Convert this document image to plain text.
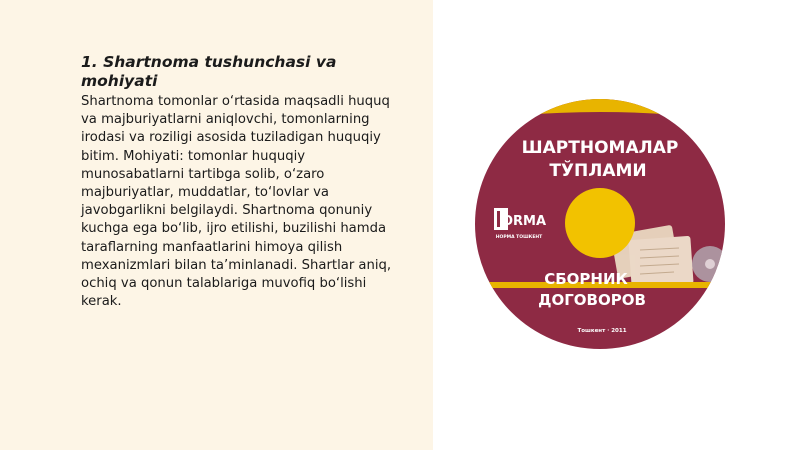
1. Shartnoma tushunchasi va mohiyati

Shartnoma tomonlar o‘rtasida maqsadli huquq va majburiyatlarni aniqlovchi, tomonlarning irodasi va roziligi asosida tuziladigan huquqiy bitim. Mohiyati: tomonlar huquqiy munosabatlarni tartibga solib, o‘zaro majburiyatlar, muddatlar, to‘lovlar va javobgarlikni belgilaydi. Shartnoma qonuniy kuchga ega bo‘lib, ijro etilishi, buzilishi hamda taraflarning manfaatlarini himoya qilish mexanizmlari bilan ta’minlanadi. Shartlar aniq, ochiq va qonun talablariga muvofiq bo‘lishi kerak.

ORMA
НОРМА ТОШКЕНТ
ШАРТНОМАЛАР
ТЎПЛАМИ
СБОРНИК
ДОГОВОРОВ
Тошкент · 2011
